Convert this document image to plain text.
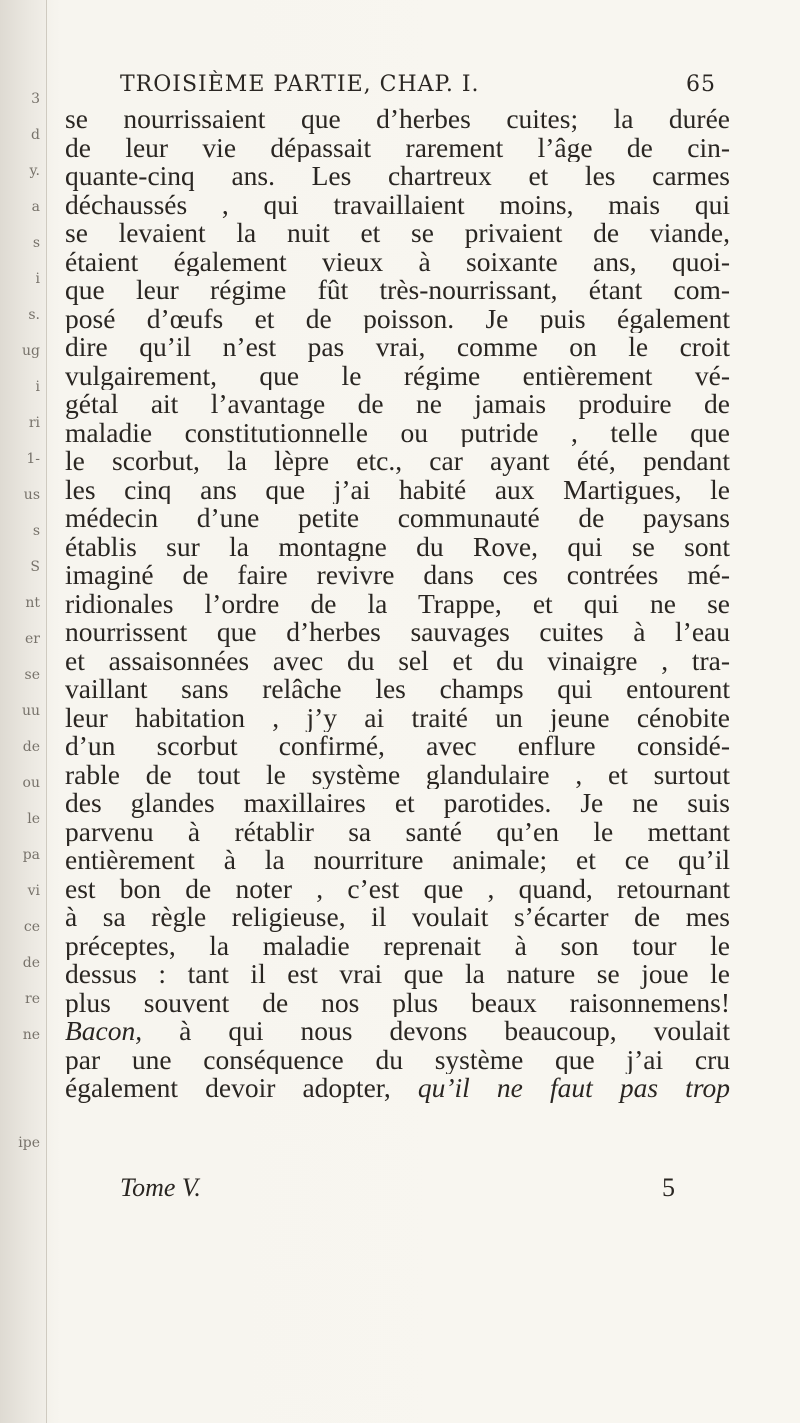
3
d
y.
a
s
i
s.
ug
i
ri
1-
us
s
S
nt
er
se
uu
de
ou
le
pa
vi
ce
de
re
ne
ipe
TROISIÈME PARTIE, CHAP. I.	65
se nourrissaient que d’herbes cuites; la durée
de leur vie dépassait rarement l’âge de cin-
quante-cinq ans. Les chartreux et les carmes
déchaussés , qui travaillaient moins, mais qui
se levaient la nuit et se privaient de viande,
étaient également vieux à soixante ans, quoi-
que leur régime fût très-nourrissant, étant com-
posé d’œufs et de poisson. Je puis également
dire qu’il n’est pas vrai, comme on le croit
vulgairement, que le régime entièrement vé-
gétal ait l’avantage de ne jamais produire de
maladie constitutionnelle ou putride , telle que
le scorbut, la lèpre etc., car ayant été, pendant
les cinq ans que j’ai habité aux Martigues, le
médecin d’une petite communauté de paysans
établis sur la montagne du Rove, qui se sont
imaginé de faire revivre dans ces contrées mé-
ridionales l’ordre de la Trappe, et qui ne se
nourrissent que d’herbes sauvages cuites à l’eau
et assaisonnées avec du sel et du vinaigre , tra-
vaillant sans relâche les champs qui entourent
leur habitation , j’y ai traité un jeune cénobite
d’un scorbut confirmé, avec enflure considé-
rable de tout le système glandulaire , et surtout
des glandes maxillaires et parotides. Je ne suis
parvenu à rétablir sa santé qu’en le mettant
entièrement à la nourriture animale; et ce qu’il
est bon de noter , c’est que , quand, retournant
à sa règle religieuse, il voulait s’écarter de mes
préceptes, la maladie reprenait à son tour le
dessus : tant il est vrai que la nature se joue le
plus souvent de nos plus beaux raisonnemens!
Bacon, à qui nous devons beaucoup, voulait
par une conséquence du système que j’ai cru
également devoir adopter, qu’il ne faut pas trop
Tome V.	5
